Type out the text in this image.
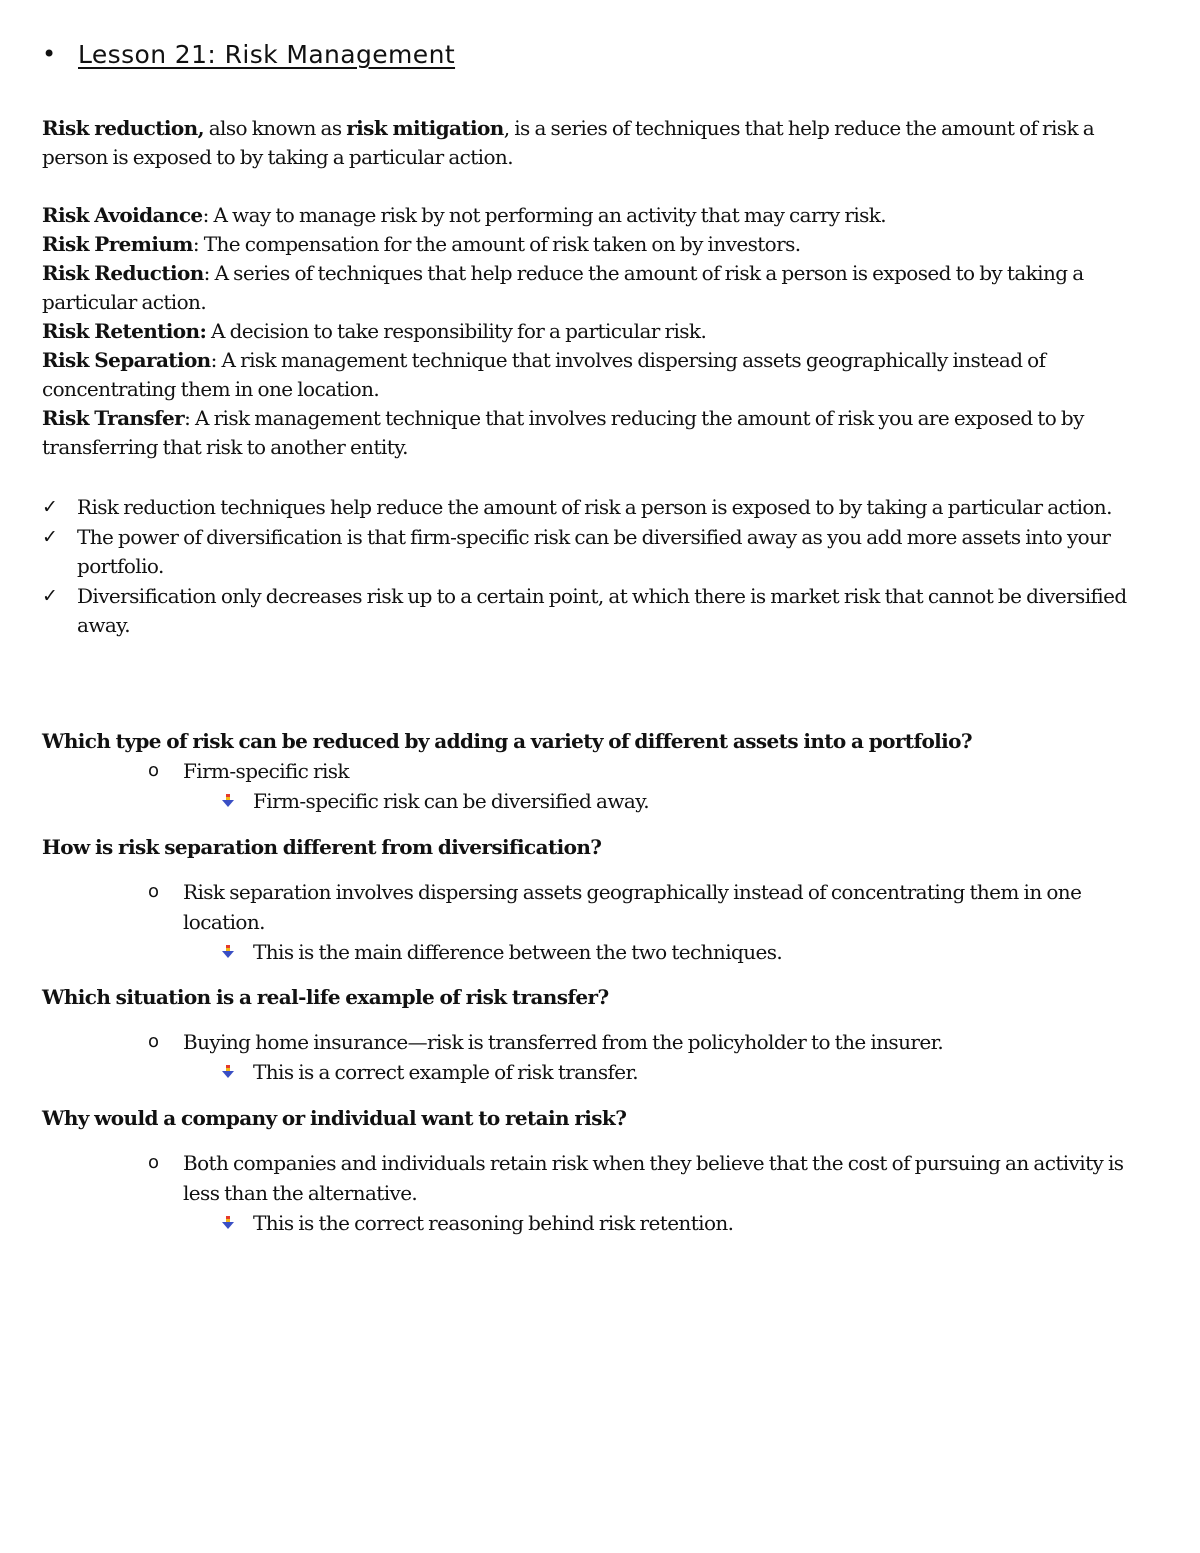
• Lesson 21: Risk Management

Risk reduction, also known as risk mitigation, is a series of techniques that help reduce the amount of risk a person is exposed to by taking a particular action.

Risk Avoidance: A way to manage risk by not performing an activity that may carry risk.
Risk Premium: The compensation for the amount of risk taken on by investors.
Risk Reduction: A series of techniques that help reduce the amount of risk a person is exposed to by taking a particular action.
Risk Retention: A decision to take responsibility for a particular risk.
Risk Separation: A risk management technique that involves dispersing assets geographically instead of concentrating them in one location.
Risk Transfer: A risk management technique that involves reducing the amount of risk you are exposed to by transferring that risk to another entity.

✓ Risk reduction techniques help reduce the amount of risk a person is exposed to by taking a particular action.
✓ The power of diversification is that firm-specific risk can be diversified away as you add more assets into your portfolio.
✓ Diversification only decreases risk up to a certain point, at which there is market risk that cannot be diversified away.

Which type of risk can be reduced by adding a variety of different assets into a portfolio?

o Firm-specific risk

Firm-specific risk can be diversified away.

How is risk separation different from diversification?

o Risk separation involves dispersing assets geographically instead of concentrating them in one location.

This is the main difference between the two techniques.

Which situation is a real-life example of risk transfer?

o Buying home insurance—risk is transferred from the policyholder to the insurer.

This is a correct example of risk transfer.

Why would a company or individual want to retain risk?

o Both companies and individuals retain risk when they believe that the cost of pursuing an activity is less than the alternative.

This is the correct reasoning behind risk retention.
